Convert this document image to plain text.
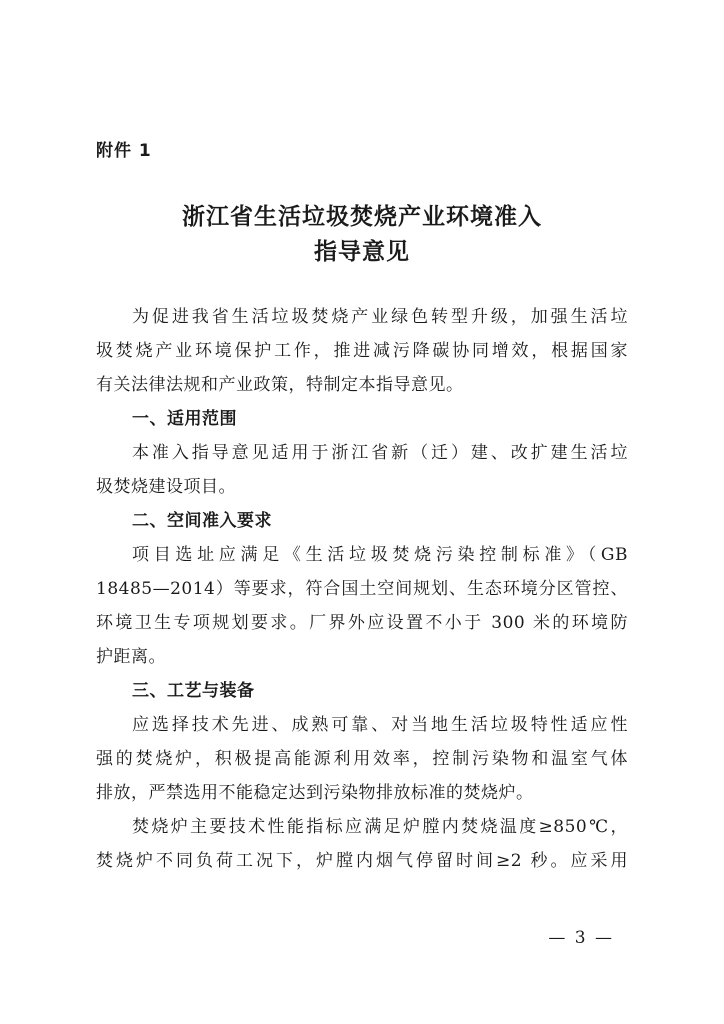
附件 1
浙江省生活垃圾焚烧产业环境准入
指导意见
为促进我省生活垃圾焚烧产业绿色转型升级，加强生活垃
圾焚烧产业环境保护工作，推进减污降碳协同增效，根据国家
有关法律法规和产业政策，特制定本指导意见。
一、适用范围
本准入指导意见适用于浙江省新（迁）建、改扩建生活垃
圾焚烧建设项目。
二、空间准入要求
项目选址应满足《生活垃圾焚烧污染控制标准》（GB
18485—2014）等要求，符合国土空间规划、生态环境分区管控、
环境卫生专项规划要求。厂界外应设置不小于 300 米的环境防
护距离。
三、工艺与装备
应选择技术先进、成熟可靠、对当地生活垃圾特性适应性
强的焚烧炉，积极提高能源利用效率，控制污染物和温室气体
排放，严禁选用不能稳定达到污染物排放标准的焚烧炉。
焚烧炉主要技术性能指标应满足炉膛内焚烧温度≥850℃，
焚烧炉不同负荷工况下，炉膛内烟气停留时间≥2 秒。应采用
— 3 —
